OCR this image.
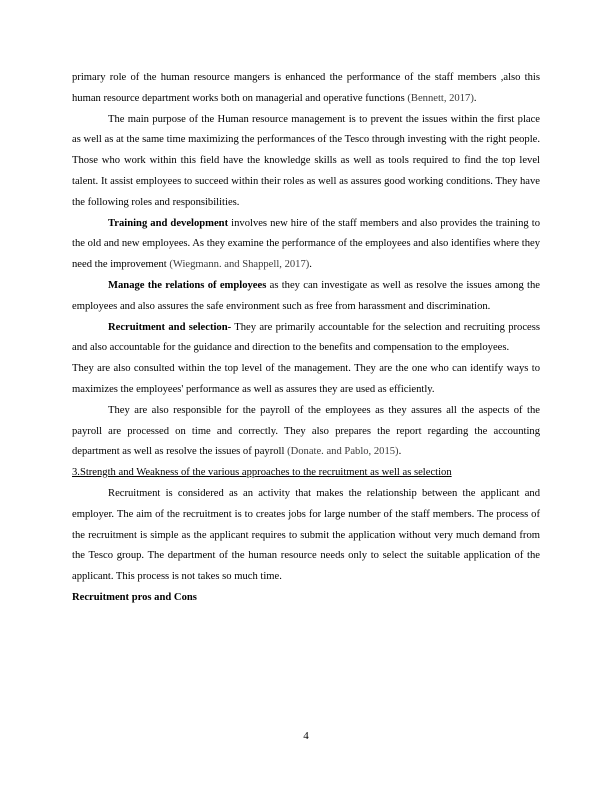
primary role of the human resource mangers is enhanced the performance of the staff members ,also this human resource department works both on managerial and operative functions (Bennett, 2017).

The main purpose of the Human resource management is to prevent the issues within the first place as well as at the same time maximizing the performances of the Tesco through investing with the right people. Those who work within this field have the knowledge skills as well as tools required to find the top level talent. It assist employees to succeed within their roles as well as assures good working conditions. They have the following roles and responsibilities.

Training and development involves new hire of the staff members and also provides the training to the old and new employees. As they examine the performance of the employees and also identifies where they need the improvement (Wiegmann. and Shappell, 2017).

Manage the relations of employees as they can investigate as well as resolve the issues among the employees and also assures the safe environment such as free from harassment and discrimination.

Recruitment and selection- They are primarily accountable for the selection and recruiting process and also accountable for the guidance and direction to the benefits and compensation to the employees.

They are also consulted within the top level of the management. They are the one who can identify ways to maximizes the employees' performance as well as assures they are used as efficiently.

They are also responsible for the payroll of the employees as they assures all the aspects of the payroll are processed on time and correctly. They also prepares the report regarding the accounting department as well as resolve the issues of payroll (Donate. and Pablo, 2015).

3.Strength and Weakness of the various approaches to the recruitment as well as selection

Recruitment is considered as an activity that makes the relationship between the applicant and employer. The aim of the recruitment is to creates jobs for large number of the staff members. The process of the recruitment is simple as the applicant requires to submit the application without very much demand from the Tesco group. The department of the human resource needs only to select the suitable application of the applicant. This process is not takes so much time.

Recruitment pros and Cons

4
